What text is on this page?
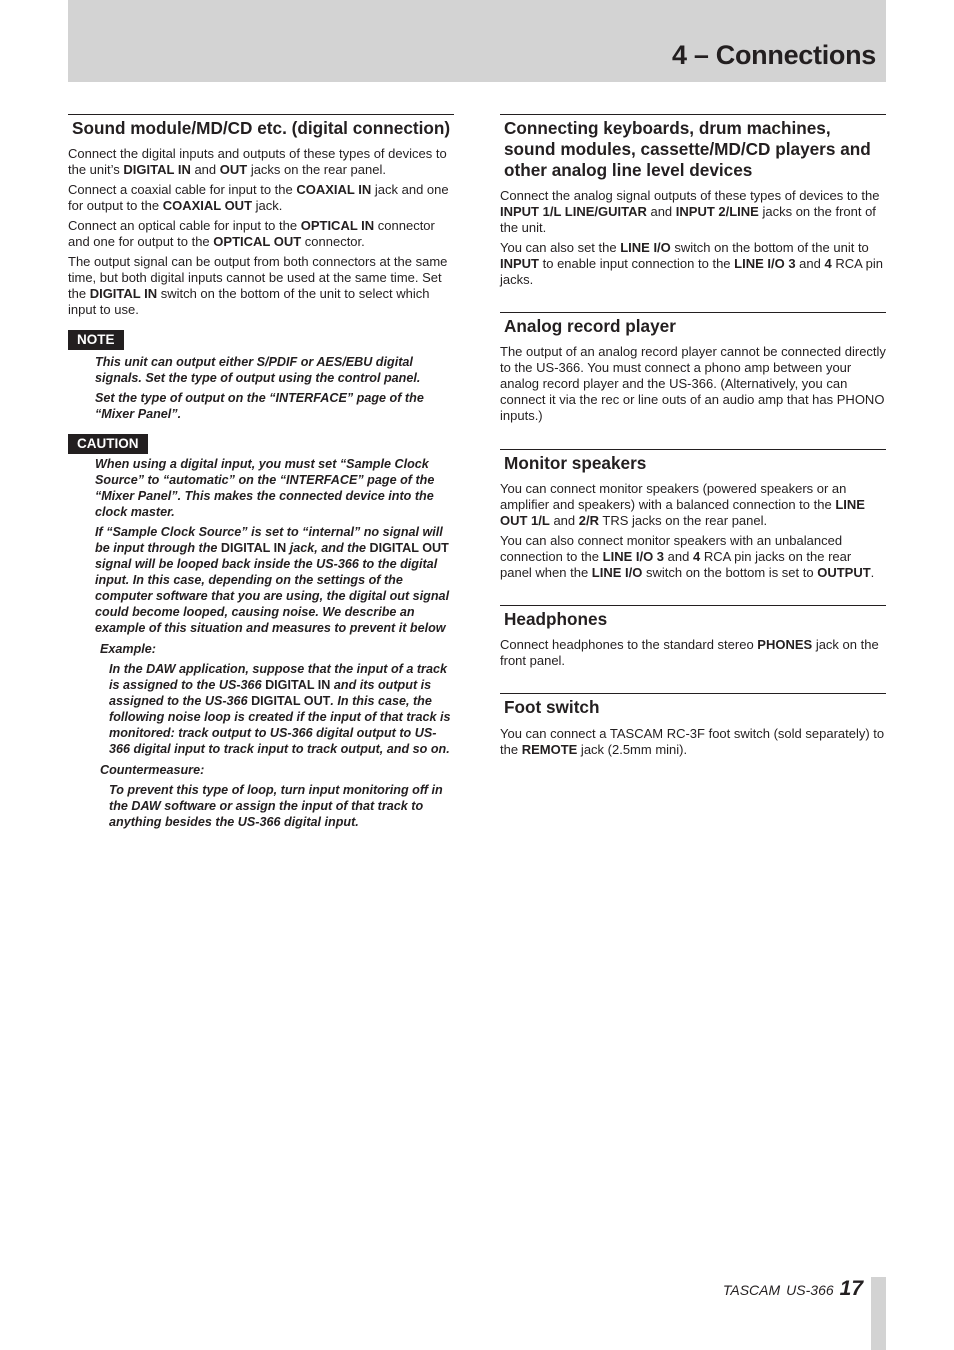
4 – Connections
Sound module/MD/CD etc. (digital connection)

Connect the digital inputs and outputs of these types of devices to the unit’s DIGITAL IN and OUT jacks on the rear panel.

Connect a coaxial cable for input to the COAXIAL IN jack and one for output to the COAXIAL OUT jack.

Connect an optical cable for input to the OPTICAL IN connector and one for output to the OPTICAL OUT connector.

The output signal can be output from both connectors at the same time, but both digital inputs cannot be used at the same time. Set the DIGITAL IN switch on the bottom of the unit to select which input to use.

NOTE

This unit can output either S/PDIF or AES/EBU digital signals. Set the type of output using the control panel.

Set the type of output on the “INTERFACE” page of the “Mixer Panel”.

CAUTION

When using a digital input, you must set “Sample Clock Source” to “automatic” on the “INTERFACE” page of the “Mixer Panel”. This makes the connected device into the clock master.

If “Sample Clock Source” is set to “internal” no signal will be input through the DIGITAL IN jack, and the DIGITAL OUT signal will be looped back inside the US-366 to the digital input. In this case, depending on the settings of the computer software that you are using, the digital out signal could become looped, causing noise. We describe an example of this situation and measures to prevent it below

Example:

In the DAW application, suppose that the input of a track is assigned to the US-366 DIGITAL IN and its output is assigned to the US-366 DIGITAL OUT. In this case, the following noise loop is created if the input of that track is monitored: track output to US-366 digital output to US-366 digital input to track input to track output, and so on.

Countermeasure:

To prevent this type of loop, turn input monitoring off in the DAW software or assign the input of that track to anything besides the US-366 digital input.

Connecting keyboards, drum machines, sound modules, cassette/MD/CD players and other analog line level devices

Connect the analog signal outputs of these types of devices to the INPUT 1/L LINE/GUITAR and INPUT 2/LINE jacks on the front of the unit.

You can also set the LINE I/O switch on the bottom of the unit to INPUT to enable input connection to the LINE I/O 3 and 4 RCA pin jacks.

Analog record player

The output of an analog record player cannot be connected directly to the US-366. You must connect a phono amp between your analog record player and the US-366. (Alternatively, you can connect it via the rec or line outs of an audio amp that has PHONO inputs.)

Monitor speakers

You can connect monitor speakers (powered speakers or an amplifier and speakers) with a balanced connection to the LINE OUT 1/L and 2/R TRS jacks on the rear panel.

You can also connect monitor speakers with an unbalanced connection to the LINE I/O 3 and 4 RCA pin jacks on the rear panel when the LINE I/O switch on the bottom is set to OUTPUT.

Headphones

Connect headphones to the standard stereo PHONES jack on the front panel.

Foot switch

You can connect a TASCAM RC-3F foot switch (sold separately) to the REMOTE jack (2.5mm mini).

TASCAM US-366 17
